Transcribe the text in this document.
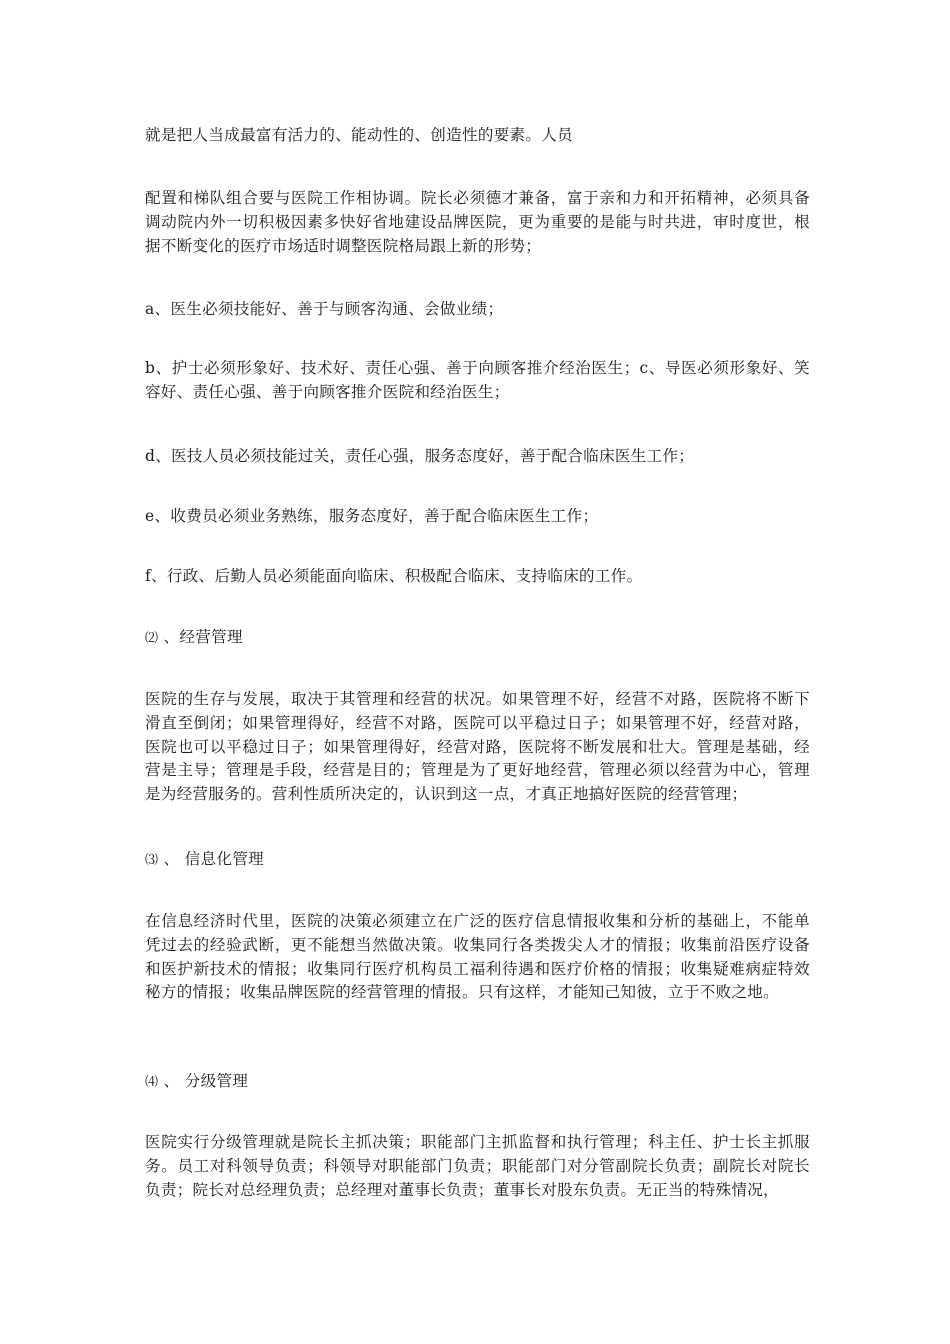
就是把人当成最富有活力的、能动性的、创造性的要素。人员

配置和梯队组合要与医院工作相协调。院长必须德才兼备，富于亲和力和开拓精神，必须具备调动院内外一切积极因素多快好省地建设品牌医院，更为重要的是能与时共进，审时度世，根据不断变化的医疗市场适时调整医院格局跟上新的形势；

a、医生必须技能好、善于与顾客沟通、会做业绩；

b、护士必须形象好、技术好、责任心强、善于向顾客推介经治医生；c、导医必须形象好、笑容好、责任心强、善于向顾客推介医院和经治医生；

d、医技人员必须技能过关，责任心强，服务态度好，善于配合临床医生工作；

e、收费员必须业务熟练，服务态度好，善于配合临床医生工作；

f、行政、后勤人员必须能面向临床、积极配合临床、支持临床的工作。

⑵ 、经营管理

医院的生存与发展，取决于其管理和经营的状况。如果管理不好，经营不对路，医院将不断下滑直至倒闭；如果管理得好，经营不对路，医院可以平稳过日子；如果管理不好，经营对路，医院也可以平稳过日子；如果管理得好，经营对路，医院将不断发展和壮大。管理是基础，经营是主导；管理是手段，经营是目的；管理是为了更好地经营，管理必须以经营为中心，管理是为经营服务的。营利性质所决定的，认识到这一点，才真正地搞好医院的经营管理；

⑶ 、 信息化管理

在信息经济时代里，医院的决策必须建立在广泛的医疗信息情报收集和分析的基础上，不能单凭过去的经验武断，更不能想当然做决策。收集同行各类拨尖人才的情报；收集前沿医疗设备和医护新技术的情报；收集同行医疗机构员工福利待遇和医疗价格的情报；收集疑难病症特效秘方的情报；收集品牌医院的经营管理的情报。只有这样，才能知己知彼，立于不败之地。

⑷ 、 分级管理

医院实行分级管理就是院长主抓决策；职能部门主抓监督和执行管理；科主任、护士长主抓服务。员工对科领导负责；科领导对职能部门负责；职能部门对分管副院长负责；副院长对院长负责；院长对总经理负责；总经理对董事长负责；董事长对股东负责。无正当的特殊情况，
